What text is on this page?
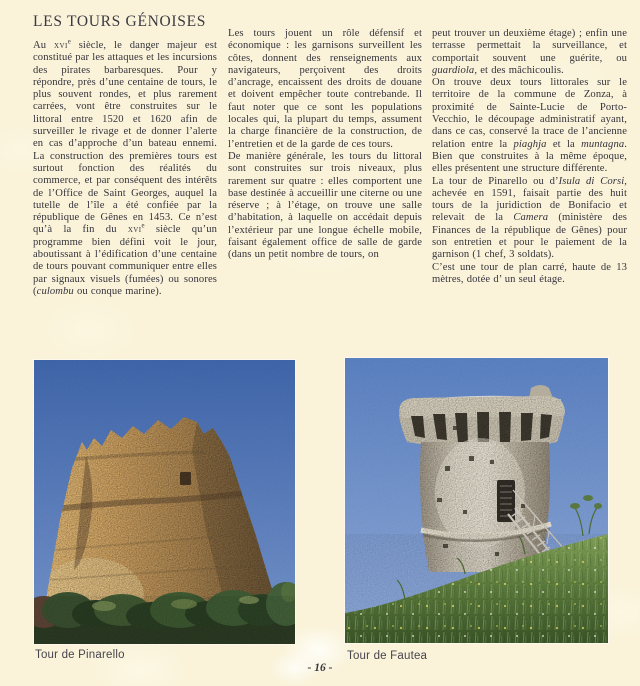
LES TOURS GÉNOISES

Au xvi$^e$ siècle, le danger majeur est constitué par les attaques et les incursions des pirates barbaresques. Pour y répondre, près d’une centaine de tours, le plus souvent rondes, et plus rarement carrées, vont être construites sur le littoral entre 1520 et 1620 afin de surveiller le rivage et de donner l’alerte en cas d’approche d’un bateau ennemi. La construction des premières tours est surtout fonction des réalités du commerce, et par conséquent des intérêts de l’Office de Saint Georges, auquel la tutelle de l’île a été confiée par la république de Gênes en 1453. Ce n’est qu’à la fin du xvi$^e$ siècle qu’un programme bien défini voit le jour, aboutissant à l’édification d’une centaine de tours pouvant communiquer entre elles par signaux visuels (fumées) ou sonores (culombu ou conque marine).

Les tours jouent un rôle défensif et économique : les garnisons surveillent les côtes, donnent des renseignements aux navigateurs, perçoivent des droits d’ancrage, encaissent des droits de douane et doivent empêcher toute contrebande. Il faut noter que ce sont les populations locales qui, la plupart du temps, assument la charge financière de la construction, de l’entretien et de la garde de ces tours.

De manière générale, les tours du littoral sont construites sur trois niveaux, plus rarement sur quatre : elles comportent une base destinée à accueillir une citerne ou une réserve ; à l’étage, on trouve une salle d’habitation, à laquelle on accédait depuis l’extérieur par une longue échelle mobile, faisant également office de salle de garde (dans un petit nombre de tours, on

peut trouver un deuxième étage) ; enfin une terrasse permettait la surveillance, et comportait souvent une guérite, ou guardiola, et des mâchicoulis.

On trouve deux tours littorales sur le territoire de la commune de Zonza, à proximité de Sainte-Lucie de Porto-Vecchio, le découpage administratif ayant, dans ce cas, conservé la trace de l’ancienne relation entre la piaghja et la muntagna. Bien que construites à la même époque, elles présentent une structure différente.

La tour de Pinarello ou d’Isula di Corsi, achevée en 1591, faisait partie des huit tours de la juridiction de Bonifacio et relevait de la Camera (ministère des Finances de la république de Gênes) pour son entretien et pour le paiement de la garnison (1 chef, 3 soldats).

C’est une tour de plan carré, haute de 13 mètres, dotée d’ un seul étage.

Tour de Pinarello	Tour de Fautea
- 16 -
